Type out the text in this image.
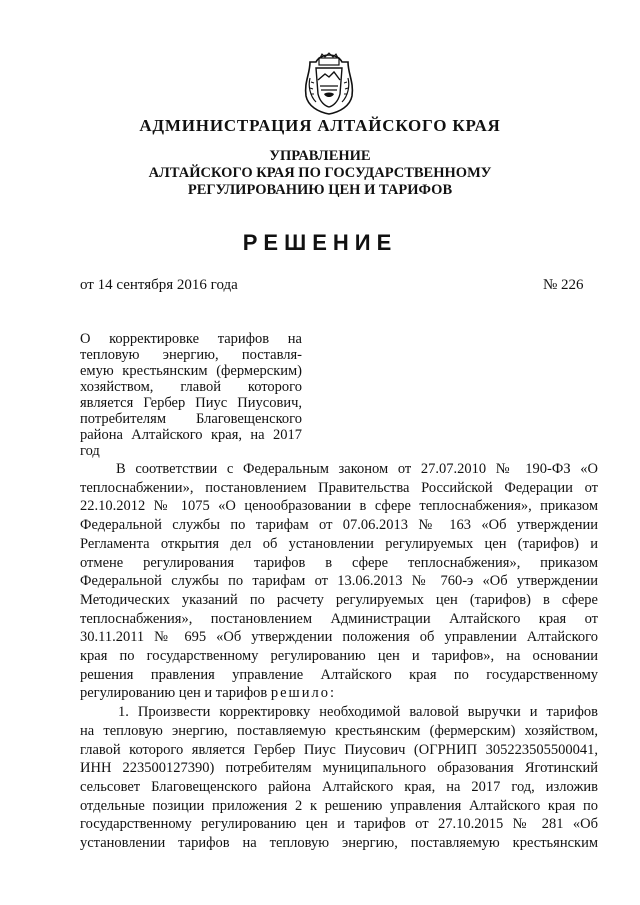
АДМИНИСТРАЦИЯ АЛТАЙСКОГО КРАЯ
УПРАВЛЕНИЕ
АЛТАЙСКОГО КРАЯ ПО ГОСУДАРСТВЕННОМУ
РЕГУЛИРОВАНИЮ ЦЕН И ТАРИФОВ
РЕШЕНИЕ
от 14 сентября 2016 года	№ 226
О корректировке тарифов на
тепловую энергию, поставля-
емую крестьянским (фермерским)
хозяйством, главой которого
является Гербер Пиус Пиусович,
потребителям Благовещенского
района Алтайского края, на 2017
год
В соответствии с Федеральным законом от 27.07.2010 № 190-ФЗ «О
теплоснабжении», постановлением Правительства Российской Федерации от
22.10.2012 № 1075 «О ценообразовании в сфере теплоснабжения», приказом
Федеральной службы по тарифам от 07.06.2013 № 163 «Об утверждении
Регламента открытия дел об установлении регулируемых цен (тарифов) и
отмене регулирования тарифов в сфере теплоснабжения», приказом
Федеральной службы по тарифам от 13.06.2013 № 760-э «Об утверждении
Методических указаний по расчету регулируемых цен (тарифов) в сфере
теплоснабжения», постановлением Администрации Алтайского края от
30.11.2011 № 695 «Об утверждении положения об управлении Алтайского
края по государственному регулированию цен и тарифов», на основании
решения правления управление Алтайского края по государственному
регулированию цен и тарифов решило:
1. Произвести корректировку необходимой валовой выручки и тарифов
на тепловую энергию, поставляемую крестьянским (фермерским) хозяйством,
главой которого является Гербер Пиус Пиусович (ОГРНИП 305223505500041,
ИНН 223500127390) потребителям муниципального образования Яготинский
сельсовет Благовещенского района Алтайского края, на 2017 год, изложив
отдельные позиции приложения 2 к решению управления Алтайского края по
государственному регулированию цен и тарифов от 27.10.2015 № 281 «Об
установлении тарифов на тепловую энергию, поставляемую крестьянским
